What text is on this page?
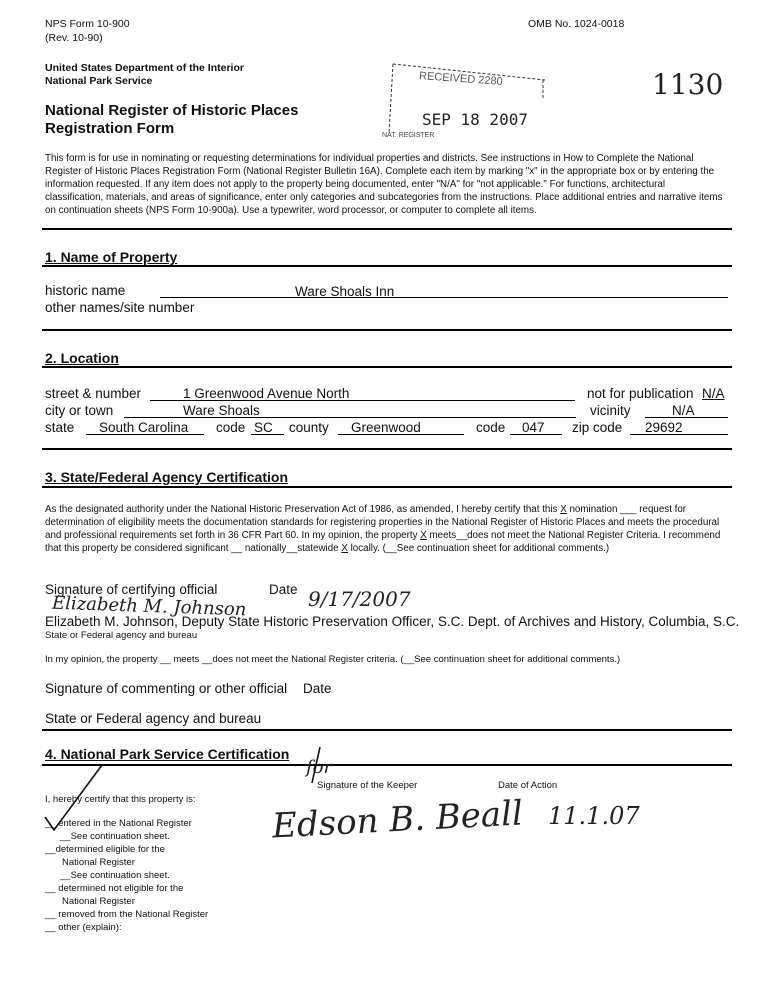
NPS Form 10-900
(Rev. 10-90)
OMB No. 1024-0018
United States Department of the Interior
National Park Service
National Register of Historic Places
Registration Form
1130
RECEIVED 2280
SEP 18 2007
NAT. REGISTER
This form is for use in nominating or requesting determinations for individual properties and districts. See instructions in How to Complete the National Register of Historic Places Registration Form (National Register Bulletin 16A). Complete each item by marking "x" in the appropriate box or by entering the information requested. If any item does not apply to the property being documented, enter "N/A" for "not applicable." For functions, architectural classification, materials, and areas of significance, enter only categories and subcategories from the instructions. Place additional entries and narrative items on continuation sheets (NPS Form 10-900a). Use a typewriter, word processor, or computer to complete all items.
1. Name of Property
historic name	Ware Shoals Inn
other names/site number
2. Location
street & number	1 Greenwood Avenue North	not for publication N/A
city or town	Ware Shoals	vicinity	N/A
state South Carolina code SC county Greenwood	code 047 zip code 29692
3. State/Federal Agency Certification
As the designated authority under the National Historic Preservation Act of 1986, as amended, I hereby certify that this X nomination ___ request for determination of eligibility meets the documentation standards for registering properties in the National Register of Historic Places and meets the procedural and professional requirements set forth in 36 CFR Part 60. In my opinion, the property X meets__does not meet the National Register Criteria. I recommend that this property be considered significant __ nationally__statewide X locally. (__See continuation sheet for additional comments.)
Signature of certifying official	Date
Elizabeth M. Johnson	9/17/2007
Elizabeth M. Johnson, Deputy State Historic Preservation Officer, S.C. Dept. of Archives and History, Columbia, S.C.
State or Federal agency and bureau
In my opinion, the property __ meets __does not meet the National Register criteria. (__See continuation sheet for additional comments.)
Signature of commenting or other official Date
State or Federal agency and bureau
4. National Park Service Certification
I, hereby certify that this property is:
__ entered in the National Register
__See continuation sheet.
__determined eligible for the
National Register
__See continuation sheet.
__ determined not eligible for the
National Register
__ removed from the National Register
__ other (explain):
Signature of the Keeper	Date of Action
for
Edson B. Beall 11.1.07
